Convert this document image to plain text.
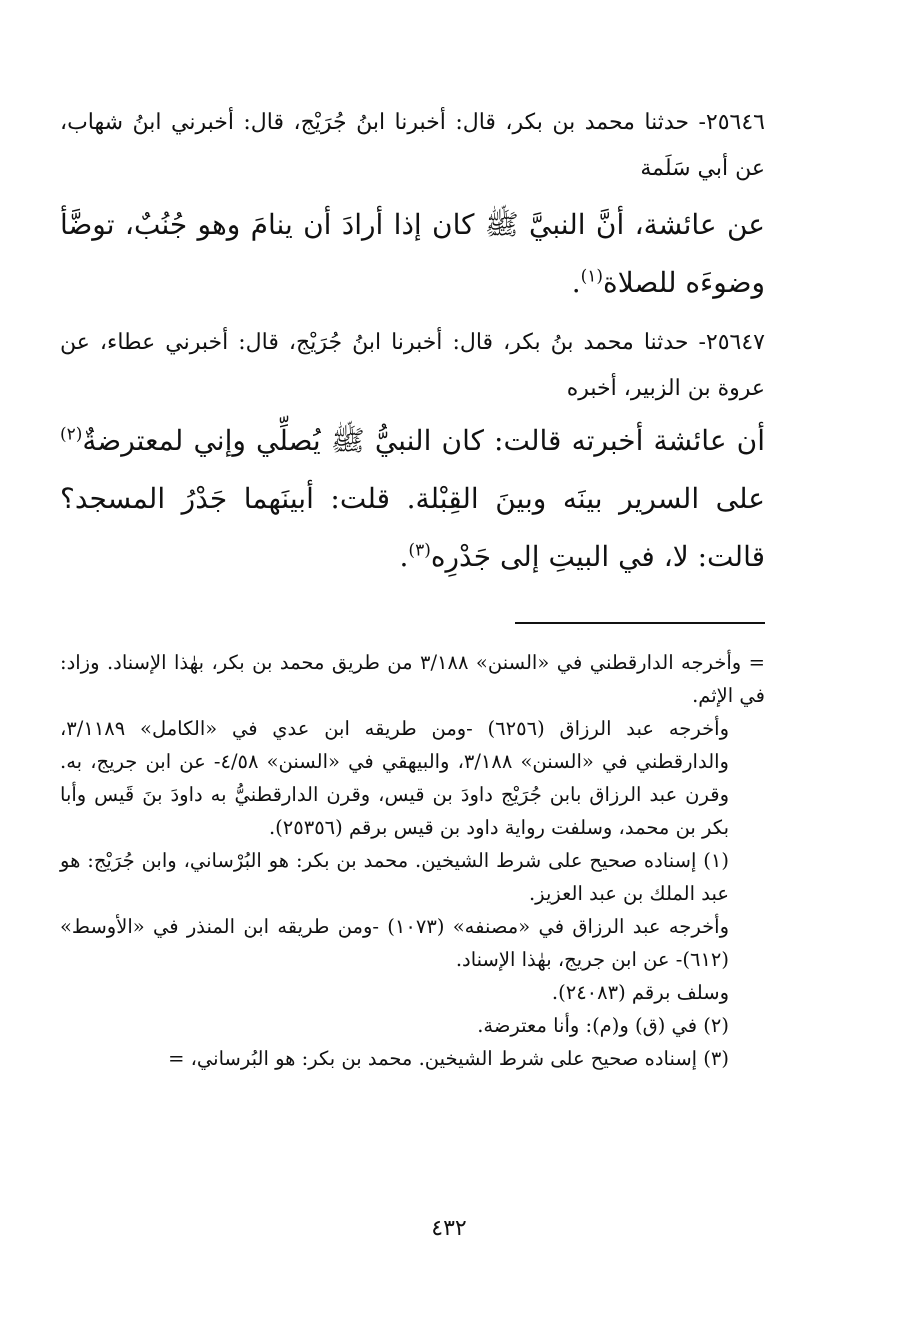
٢٥٦٤٦- حدثنا محمد بن بكر، قال: أخبرنا ابنُ جُرَيْج، قال: أخبرني ابنُ شهاب، عن أبي سَلَمة
عن عائشة، أنَّ النبيَّ ﷺ كان إذا أرادَ أن ينامَ وهو جُنُبٌ، توضَّأ وضوءَه للصلاة$^{(١)}$.
٢٥٦٤٧- حدثنا محمد بنُ بكر، قال: أخبرنا ابنُ جُرَيْج، قال: أخبرني عطاء، عن عروة بن الزبير، أخبره
أن عائشة أخبرته قالت: كان النبيُّ ﷺ يُصلِّي وإني لمعترضةٌ$^{(٢)}$ على السرير بينَه وبينَ القِبْلة. قلت: أبينَهما جَدْرُ المسجد؟ قالت: لا، في البيتِ إلى جَدْرِه$^{(٣)}$.

= وأخرجه الدارقطني في «السنن» ٣/١٨٨ من طريق محمد بن بكر، بهٰذا الإسناد. وزاد: في الإثم.

وأخرجه عبد الرزاق (٦٢٥٦) -ومن طريقه ابن عدي في «الكامل» ٣/١١٨٩، والدارقطني في «السنن» ٣/١٨٨، والبيهقي في «السنن» ٤/٥٨- عن ابن جريج، به. وقرن عبد الرزاق بابن جُرَيْج داودَ بن قيس، وقرن الدارقطنيُّ به داودَ بنَ قَيس وأبا بكر بن محمد، وسلفت رواية داود بن قيس برقم (٢٥٣٥٦).

(١) إسناده صحيح على شرط الشيخين. محمد بن بكر: هو البُرْساني، وابن جُرَيْج: هو عبد الملك بن عبد العزيز.

وأخرجه عبد الرزاق في «مصنفه» (١٠٧٣) -ومن طريقه ابن المنذر في «الأوسط» (٦١٢)- عن ابن جريج، بهٰذا الإسناد.

وسلف برقم (٢٤٠٨٣).

(٢) في (ق) و(م): وأنا معترضة.

(٣) إسناده صحيح على شرط الشيخين. محمد بن بكر: هو البُرساني، =

٤٣٢
